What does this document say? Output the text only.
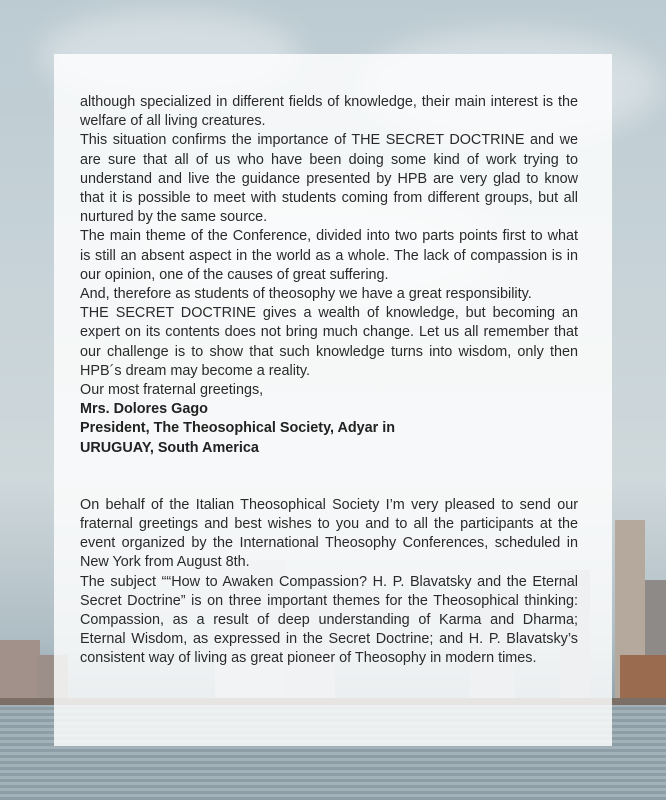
although specialized in different fields of knowledge, their main interest is the welfare of all living creatures.

This situation confirms the importance of THE SECRET DOCTRINE and we are sure that all of us who have been doing some kind of work trying to understand and live the guidance presented by HPB are very glad to know that it is possible to meet with students coming from different groups, but all nurtured by the same source.

The main theme of the Conference, divided into two parts points first to what is still an absent aspect in the world as a whole. The lack of compassion is in our opinion, one of the causes of great suffering.

And, therefore as students of theosophy we have a great responsibility.

THE SECRET DOCTRINE gives a wealth of knowledge, but becoming an expert on its contents does not bring much change. Let us all remember that our challenge is to show that such knowledge turns into wisdom, only then HPB´s dream may become a reality.

Our most fraternal greetings,

Mrs. Dolores Gago

President, The Theosophical Society, Adyar in

URUGUAY, South America

On behalf of the Italian Theosophical Society I’m very pleased to send our fraternal greetings and best wishes to you and to all the participants at the event organized by the International Theosophy Conferences, scheduled in New York from August 8th.

The subject ““How to Awaken Compassion? H. P. Blavatsky and the Eternal Secret Doctrine” is on three important themes for the Theosophical thinking: Compassion, as a result of deep understanding of Karma and Dharma; Eternal Wisdom, as expressed in the Secret Doctrine; and H. P. Blavatsky’s consistent way of living as great pioneer of Theosophy in modern times.
